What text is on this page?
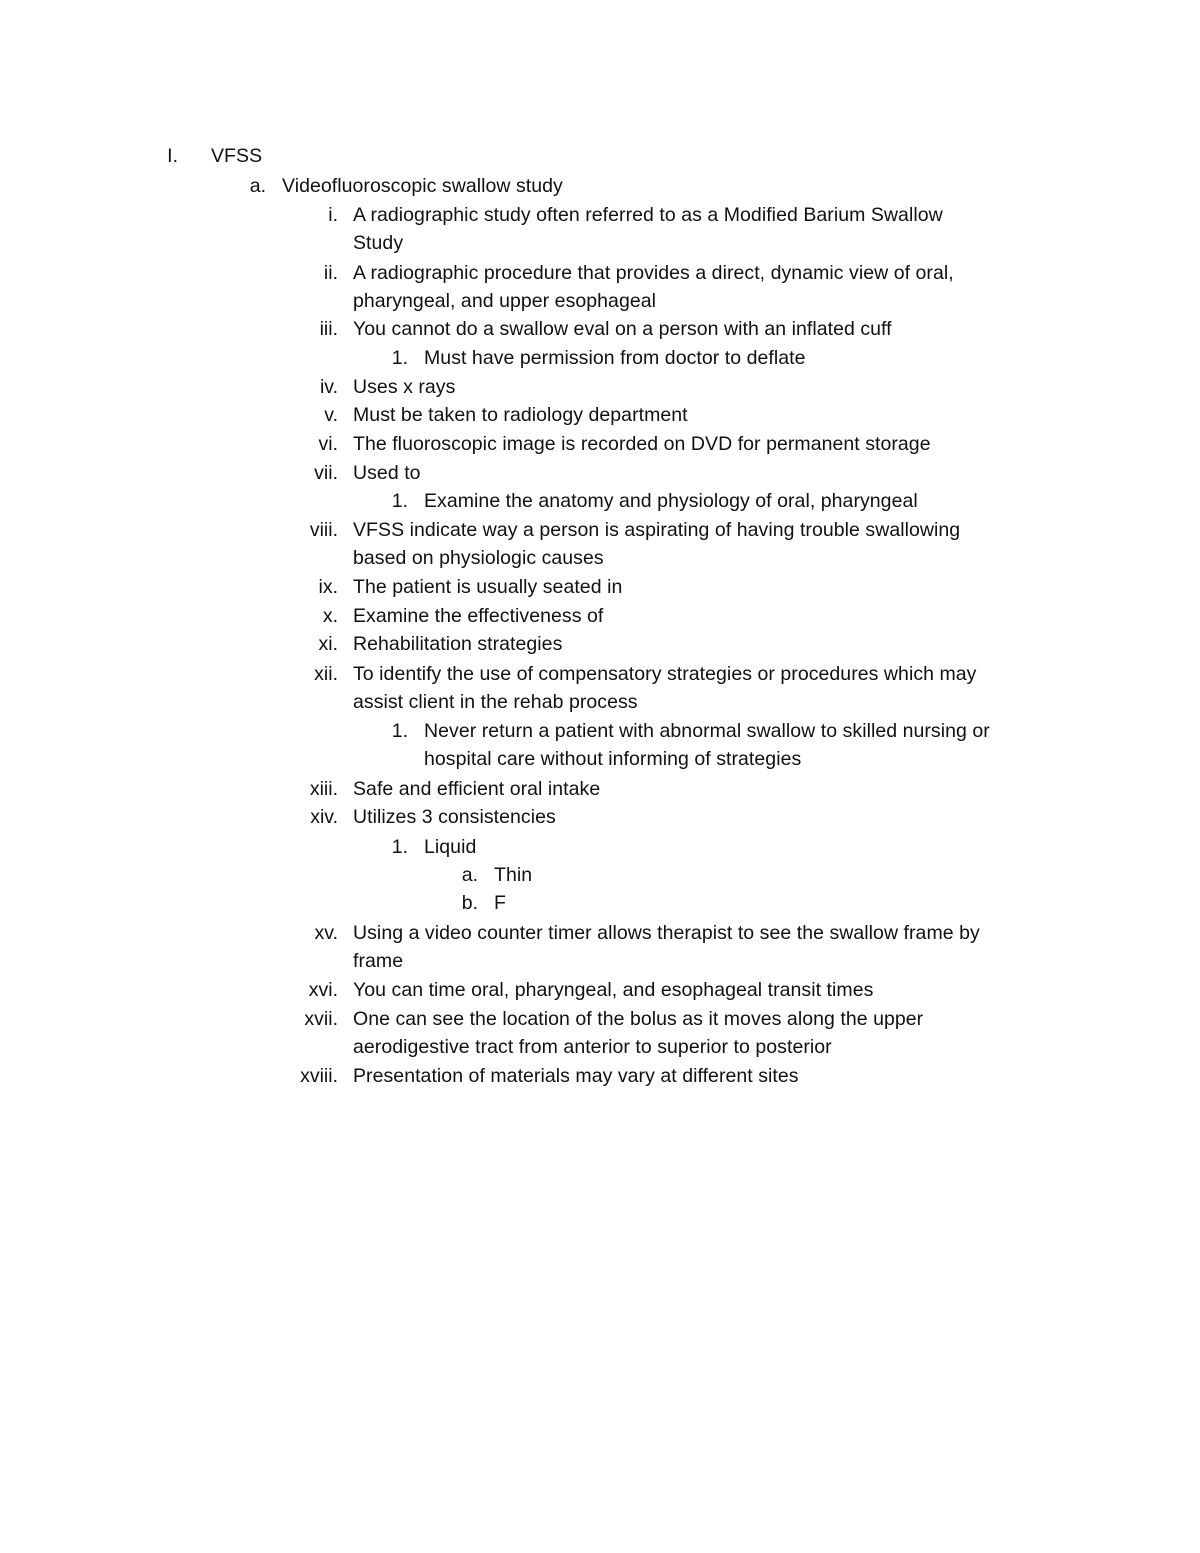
I. VFSS
a. Videofluoroscopic swallow study
i. A radiographic study often referred to as a Modified Barium Swallow
Study
ii. A radiographic procedure that provides a direct, dynamic view of oral,
pharyngeal, and upper esophageal
iii. You cannot do a swallow eval on a person with an inflated cuff
1. Must have permission from doctor to deflate
iv. Uses x rays
v. Must be taken to radiology department
vi. The fluoroscopic image is recorded on DVD for permanent storage
vii. Used to
1. Examine the anatomy and physiology of oral, pharyngeal
viii. VFSS indicate way a person is aspirating of having trouble swallowing
based on physiologic causes
ix. The patient is usually seated in
x. Examine the effectiveness of
xi. Rehabilitation strategies
xii. To identify the use of compensatory strategies or procedures which may
assist client in the rehab process
1. Never return a patient with abnormal swallow to skilled nursing or
hospital care without informing of strategies
xiii. Safe and efficient oral intake
xiv. Utilizes 3 consistencies
1. Liquid
a. Thin
b. F
xv. Using a video counter timer allows therapist to see the swallow frame by
frame
xvi. You can time oral, pharyngeal, and esophageal transit times
xvii. One can see the location of the bolus as it moves along the upper
aerodigestive tract from anterior to superior to posterior
xviii. Presentation of materials may vary at different sites
